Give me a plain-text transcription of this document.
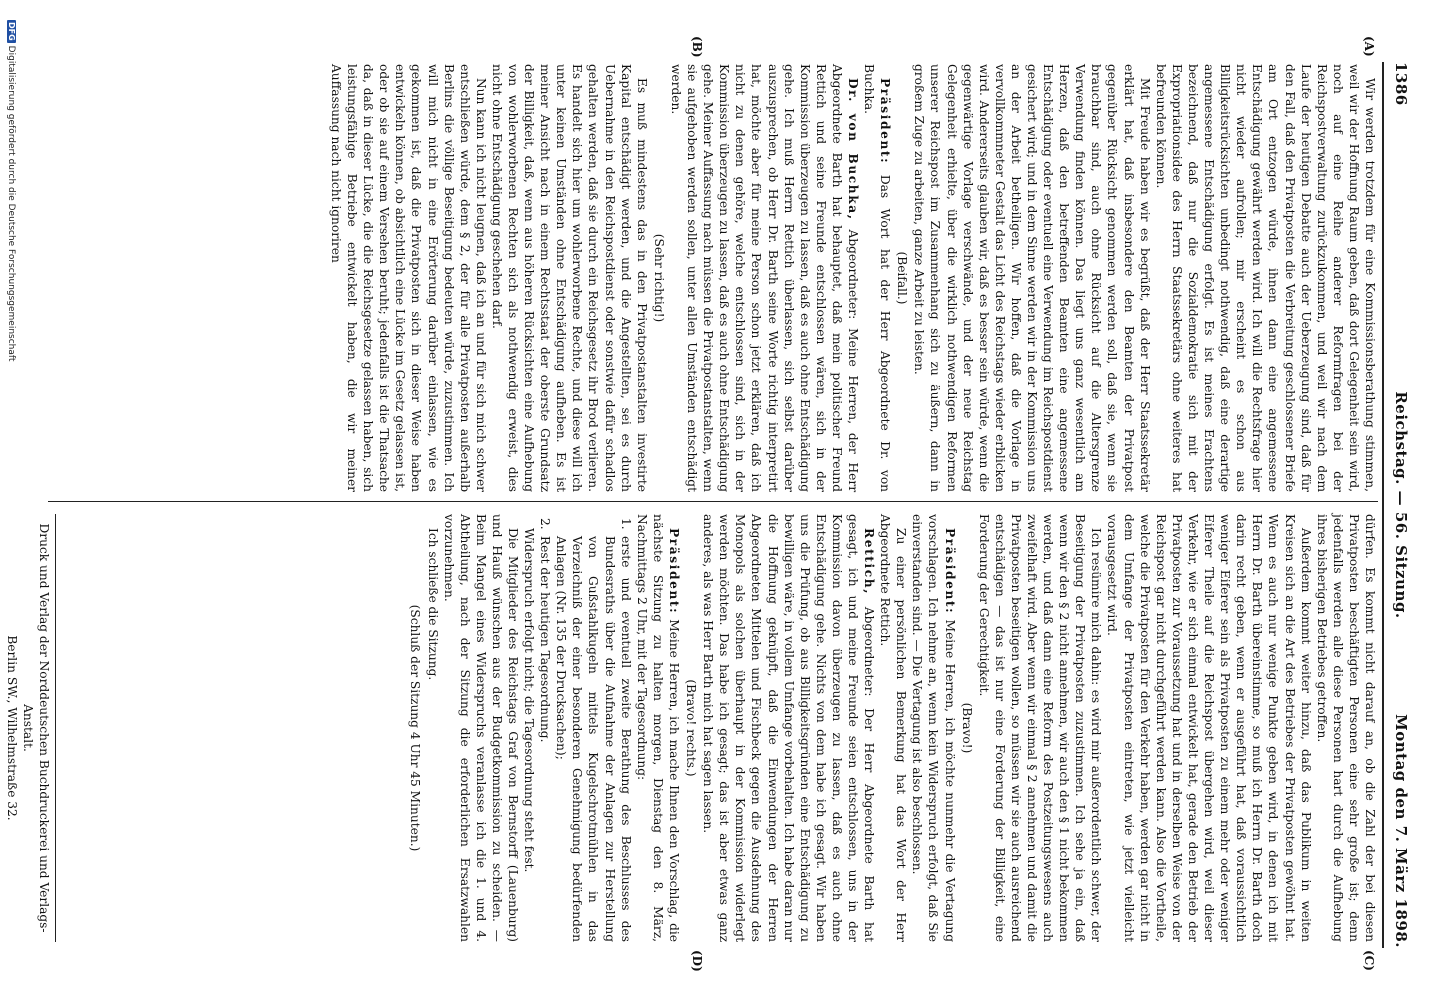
1386
Reichstag. — 56. Sitzung.
Montag den 7. März 1898.
(A)
(B)
(C)
(D)

Wir werden trotzdem für eine Kommissionsberathung stimmen, weil wir der Hoffnung Raum geben, daß dort Gelegenheit sein wird, noch auf eine Reihe anderer Reformfragen bei der Reichspostverwaltung zurückzukommen, und weil wir nach dem Laufe der heutigen Debatte auch der Ueberzeugung sind, daß für den Fall, daß den Privatposten die Verbreitung geschlossener Briefe am Ort entzogen würde, ihnen dann eine angemessene Entschädigung gewährt werden wird. Ich will die Rechtsfrage hier nicht wieder aufrollen; mir erscheint es schon aus Billigkeitsrücksichten unbedingt nothwendig, daß eine derartige angemessene Entschädigung erfolgt. Es ist meines Erachtens bezeichnend, daß nur die Sozialdemokratie sich mit der Expropriationsidee des Herrn Staatssekretärs ohne weiteres hat befreunden können.

Mit Freude haben wir es begrüßt, daß der Herr Staatssekretär erklärt hat, daß insbesondere den Beamten der Privatpost gegenüber Rücksicht genommen werden soll, daß sie, wenn sie brauchbar sind, auch ohne Rücksicht auf die Altersgrenze Verwendung finden können. Das liegt uns ganz wesentlich am Herzen, daß den betreffenden Beamten eine angemessene Entschädigung oder eventuell eine Verwendung im Reichspostdienst gesichert wird; und in dem Sinne werden wir in der Kommission uns an der Arbeit betheiligen. Wir hoffen, daß die Vorlage in vervollkommneter Gestalt das Licht des Reichstags wieder erblicken wird. Andererseits glauben wir, daß es besser sein würde, wenn die gegenwärtige Vorlage verschwände, und der neue Reichstag Gelegenheit erhielte, über die wirklich nothwendigen Reformen unserer Reichspost im Zusammenhang sich zu äußern, dann in großem Zuge zu arbeiten, ganze Arbeit zu leisten.

(Beifall.)

Präsident: Das Wort hat der Herr Abgeordnete Dr. von Buchka.

Dr. von Buchka, Abgeordneter: Meine Herren, der Herr Abgeordnete Barth hat behauptet, daß mein politischer Freund Rettich und seine Freunde entschlossen wären, sich in der Kommission überzeugen zu lassen, daß es auch ohne Entschädigung gehe. Ich muß Herrn Rettich überlassen, sich selbst darüber auszusprechen, ob Herr Dr. Barth seine Worte richtig interpretirt hat, möchte aber für meine Person schon jetzt erklären, daß ich nicht zu denen gehöre, welche entschlossen sind, sich in der Kommission überzeugen zu lassen, daß es auch ohne Entschädigung gehe. Meiner Auffassung nach müssen die Privatpostanstalten, wenn sie aufgehoben werden sollen, unter allen Umständen entschädigt werden.

(Sehr richtig!)

Es muß mindestens das in den Privatpostanstalten investirte Kapital entschädigt werden, und die Angestellten, sei es durch Uebernahme in den Reichspostdienst oder sonstwie dafür schadlos gehalten werden, daß sie durch ein Reichsgesetz ihr Brod verlieren. Es handelt sich hier um wohlerworbene Rechte, und diese will ich unter keinen Umständen ohne Entschädigung aufheben. Es ist meiner Ansicht nach in einem Rechtsstaat der oberste Grundsatz der Billigkeit, daß, wenn aus höheren Rücksichten eine Aufhebung von wohlerworbenen Rechten sich als nothwendig erweist, dies nicht ohne Entschädigung geschehen darf.

Nun kann ich nicht leugnen, daß ich an und für sich mich schwer entschließen würde, dem § 2, der für alle Privatposten außerhalb Berlins die völlige Beseitigung bedeuten würde, zuzustimmen. Ich will mich nicht in eine Erörterung darüber einlassen, wie es gekommen ist, daß die Privatposten sich in dieser Weise haben entwickeln können, ob absichtlich eine Lücke im Gesetz gelassen ist, oder ob sie auf einem Versehen beruht; jedenfalls ist die Thatsache da, daß in dieser Lücke, die die Reichsgesetze gelassen haben, sich leistungsfähige Betriebe entwickelt haben, die wir meiner Auffassung nach nicht ignoriren

dürfen. Es kommt nicht darauf an, ob die Zahl der bei diesen Privatposten beschäftigten Personen eine sehr große ist; denn jedenfalls werden alle diese Personen hart durch die Aufhebung ihres bisherigen Betriebes getroffen.

Außerdem kommt weiter hinzu, daß das Publikum in weiten Kreisen sich an die Art des Betriebes der Privatposten gewöhnt hat. Wenn es auch nur wenige Punkte geben wird, in denen ich mit Herrn Dr. Barth übereinstimme, so muß ich Herrn Dr. Barth doch darin recht geben, wenn er ausgeführt hat, daß voraussichtlich weniger Eiferer sein als Privatposten zu einem mehr oder weniger Eiferer Theile auf die Reichspost übergehen wird, weil dieser Verkehr, wie er sich einmal entwickelt hat, gerade den Betrieb der Privatposten zur Voraussetzung hat und in derselben Weise von der Reichspost gar nicht durchgeführt werden kann. Also die Vortheile, welche die Privatposten für den Verkehr haben, werden gar nicht in dem Umfange der Privatposten eintreten, wie jetzt vielleicht vorausgesetzt wird.

Ich resümire mich dahin: es wird mir außerordentlich schwer, der Beseitigung der Privatposten zuzustimmen. Ich sehe ja ein, daß wenn wir den § 2 nicht annehmen, wir auch den § 1 nicht bekommen werden, und daß dann eine Reform des Postzeitungswesens auch zweifelhaft wird. Aber wenn wir einmal § 2 annehmen und damit die Privatposten beseitigen wollen, so müssen wir sie auch ausreichend entschädigen — das ist nur eine Forderung der Billigkeit, eine Forderung der Gerechtigkeit.

(Bravo!)

Präsident: Meine Herren, ich möchte nunmehr die Vertagung vorschlagen. Ich nehme an, wenn kein Widerspruch erfolgt, daß Sie einverstanden sind. — Die Vertagung ist also beschlossen.

Zu einer persönlichen Bemerkung hat das Wort der Herr Abgeordnete Rettich.

Rettich, Abgeordneter: Der Herr Abgeordnete Barth hat gesagt, ich und meine Freunde seien entschlossen, uns in der Kommission davon überzeugen zu lassen, daß es auch ohne Entschädigung gehe. Nichts von dem habe ich gesagt. Wir haben uns die Prüfung, ob aus Billigkeitsgründen eine Entschädigung zu bewilligen wäre, in vollem Umfange vorbehalten. Ich habe daran nur die Hoffnung geknüpft, daß die Einwendungen der Herren Abgeordneten Mittelen und Fischbeck gegen die Ausdehnung des Monopols als solchen überhaupt in der Kommission widerlegt werden möchten. Das habe ich gesagt; das ist aber etwas ganz anderes, als was Herr Barth mich hat sagen lassen.

(Bravo! rechts.)

Präsident: Meine Herren, ich mache Ihnen den Vorschlag, die nächste Sitzung zu halten morgen, Dienstag den 8. März, Nachmittags 2 Uhr, mit der Tagesordnung:

1.
erste und eventuell zweite Berathung des Beschlusses des Bundesraths über die Aufnahme der Anlagen zur Herstellung von Gußstahlkugeln mittels Kugelschrotmühlen in das Verzeichniß der einer besonderen Genehmigung bedürfenden Anlagen (Nr. 135 der Drucksachen);
2.
Rest der heutigen Tagesordnung.

Widerspruch erfolgt nicht; die Tagesordnung steht fest.

Die Mitglieder des Reichstags Graf von Bernstorff (Lauenburg) und Hauß wünschen aus der Budgetkommission zu scheiden. — Beim Mangel eines Widerspruchs veranlasse ich die 1. und 4. Abtheilung, nach der Sitzung die erforderlichen Ersatzwahlen vorzunehmen.

Ich schließe die Sitzung.

(Schluß der Sitzung 4 Uhr 45 Minuten.)

Druck und Verlag der Norddeutschen Buchdruckerei und Verlags-Anstalt.
Berlin SW., Wilhelmstraße 32.
DFGDigitalisierung gefördert durch die Deutsche Forschungsgemeinschaft
